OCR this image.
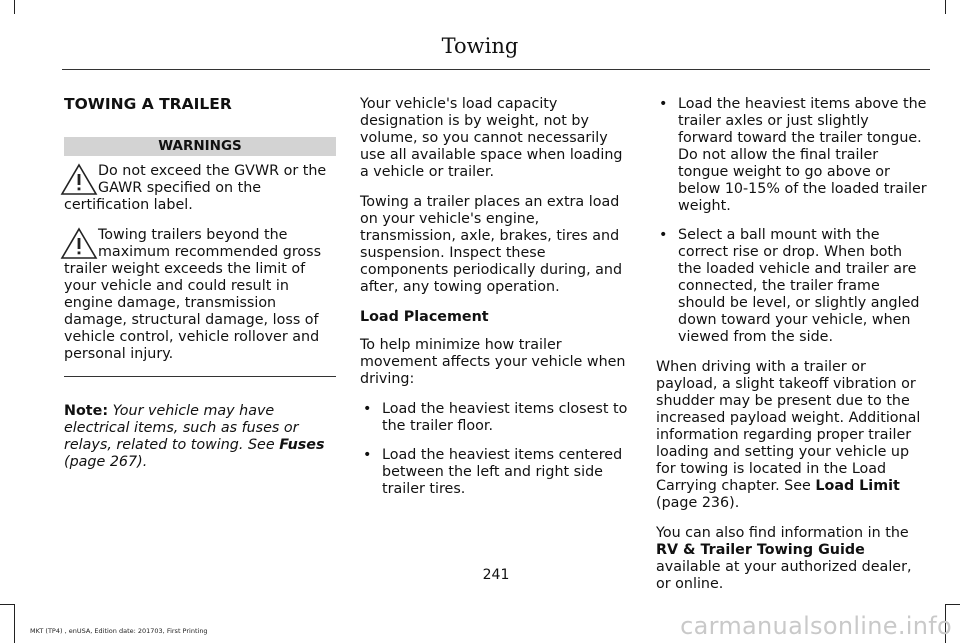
Towing
TOWING A TRAILER
WARNINGS
Do not exceed the GVWR or the GAWR specified on the certification label.
Towing trailers beyond the maximum recommended gross trailer weight exceeds the limit of your vehicle and could result in engine damage, transmission damage, structural damage, loss of vehicle control, vehicle rollover and personal injury.

Note: Your vehicle may have electrical items, such as fuses or relays, related to towing. See Fuses (page 267).

Your vehicle's load capacity designation is by weight, not by volume, so you cannot necessarily use all available space when loading a vehicle or trailer.

Towing a trailer places an extra load on your vehicle's engine, transmission, axle, brakes, tires and suspension. Inspect these components periodically during, and after, any towing operation.

Load Placement

To help minimize how trailer movement affects your vehicle when driving:

• Load the heaviest items closest to the trailer floor.
• Load the heaviest items centered between the left and right side trailer tires.
• Load the heaviest items above the trailer axles or just slightly forward toward the trailer tongue. Do not allow the final trailer tongue weight to go above or below 10-15% of the loaded trailer weight.
• Select a ball mount with the correct rise or drop. When both the loaded vehicle and trailer are connected, the trailer frame should be level, or slightly angled down toward your vehicle, when viewed from the side.

When driving with a trailer or payload, a slight takeoff vibration or shudder may be present due to the increased payload weight. Additional information regarding proper trailer loading and setting your vehicle up for towing is located in the Load Carrying chapter. See Load Limit (page 236).

You can also find information in the RV & Trailer Towing Guide available at your authorized dealer, or online.

241
MKT (TP4) , enUSA, Edition date: 201703, First Printing	carmanualsonline.info
